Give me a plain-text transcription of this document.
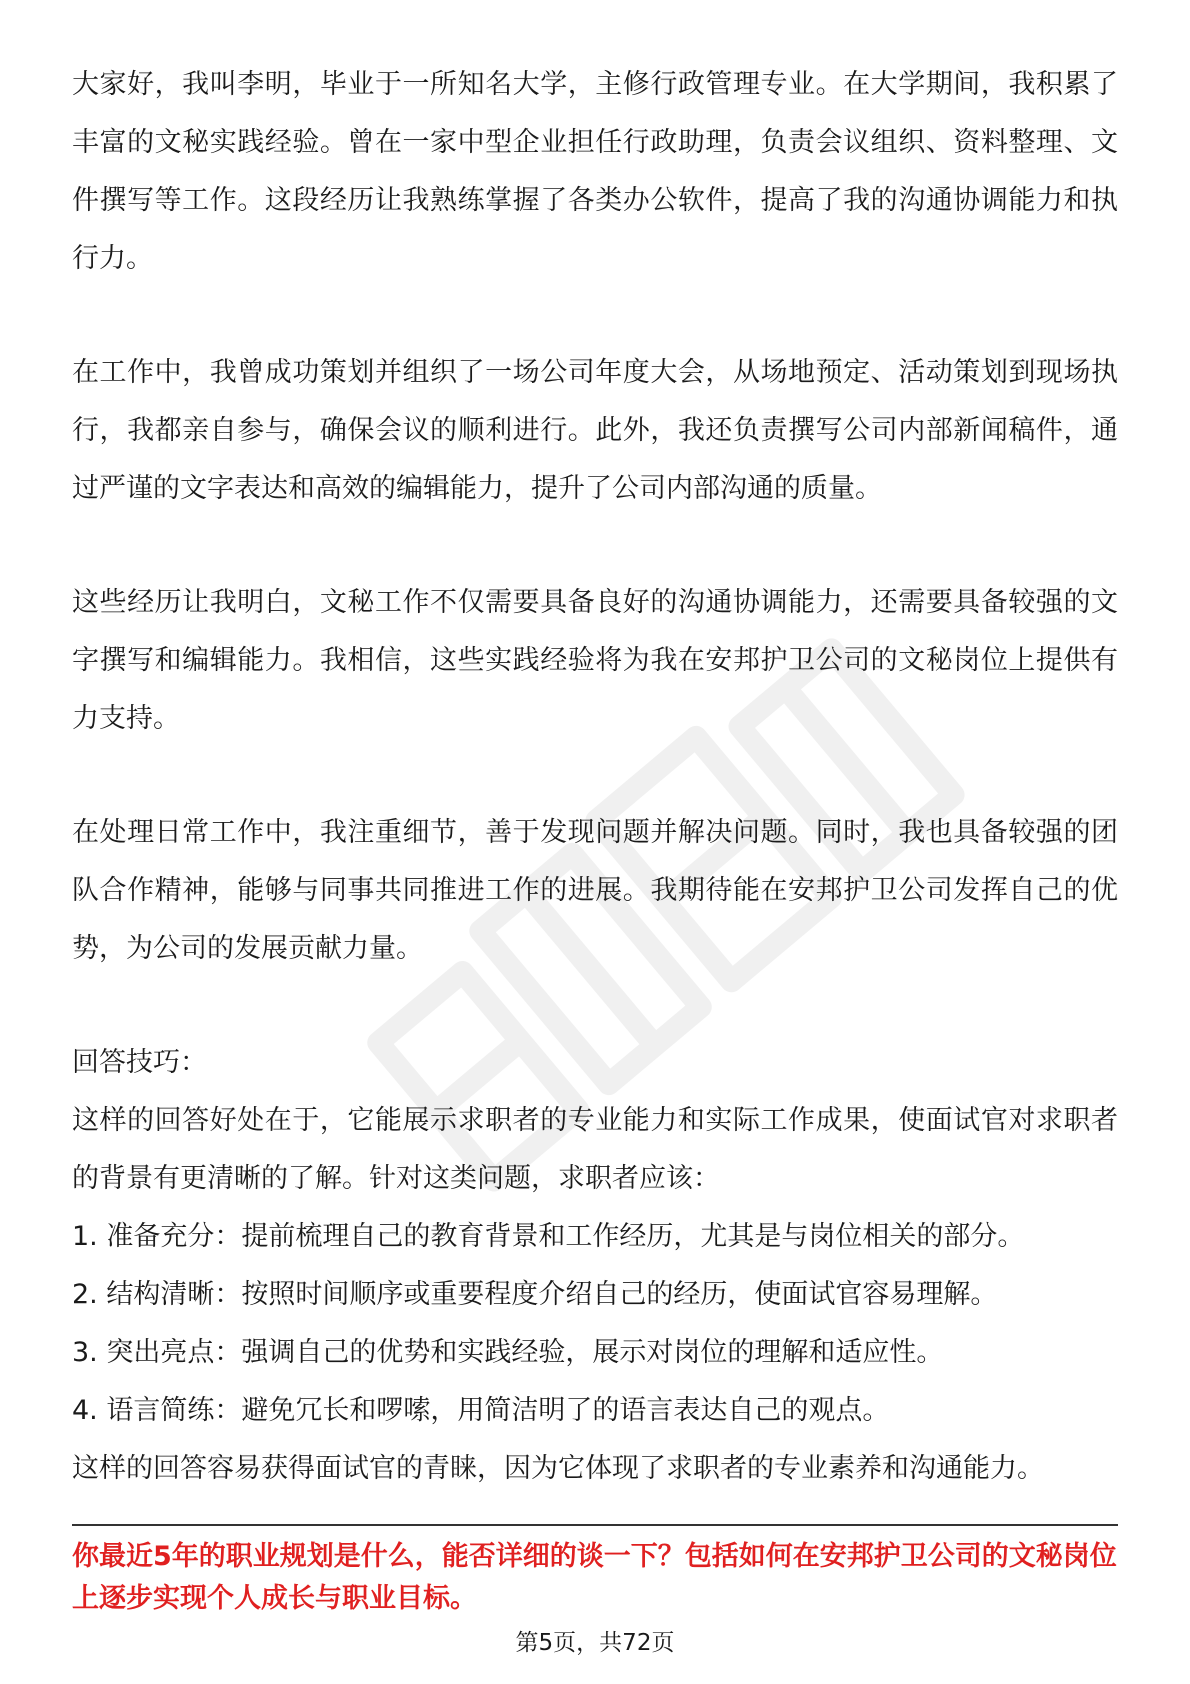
大家好，我叫李明，毕业于一所知名大学，主修行政管理专业。在大学期间，我积累了丰富的文秘实践经验。曾在一家中型企业担任行政助理，负责会议组织、资料整理、文件撰写等工作。这段经历让我熟练掌握了各类办公软件，提高了我的沟通协调能力和执行力。

在工作中，我曾成功策划并组织了一场公司年度大会，从场地预定、活动策划到现场执行，我都亲自参与，确保会议的顺利进行。此外，我还负责撰写公司内部新闻稿件，通过严谨的文字表达和高效的编辑能力，提升了公司内部沟通的质量。

这些经历让我明白，文秘工作不仅需要具备良好的沟通协调能力，还需要具备较强的文字撰写和编辑能力。我相信，这些实践经验将为我在安邦护卫公司的文秘岗位上提供有力支持。

在处理日常工作中，我注重细节，善于发现问题并解决问题。同时，我也具备较强的团队合作精神，能够与同事共同推进工作的进展。我期待能在安邦护卫公司发挥自己的优势，为公司的发展贡献力量。

回答技巧：

这样的回答好处在于，它能展示求职者的专业能力和实际工作成果，使面试官对求职者的背景有更清晰的了解。针对这类问题，求职者应该：

1. 准备充分：提前梳理自己的教育背景和工作经历，尤其是与岗位相关的部分。

2. 结构清晰：按照时间顺序或重要程度介绍自己的经历，使面试官容易理解。

3. 突出亮点：强调自己的优势和实践经验，展示对岗位的理解和适应性。

4. 语言简练：避免冗长和啰嗦，用简洁明了的语言表达自己的观点。

这样的回答容易获得面试官的青睐，因为它体现了求职者的专业素养和沟通能力。

你最近5年的职业规划是什么，能否详细的谈一下？包括如何在安邦护卫公司的文秘岗位上逐步实现个人成长与职业目标。

第5页，共72页
